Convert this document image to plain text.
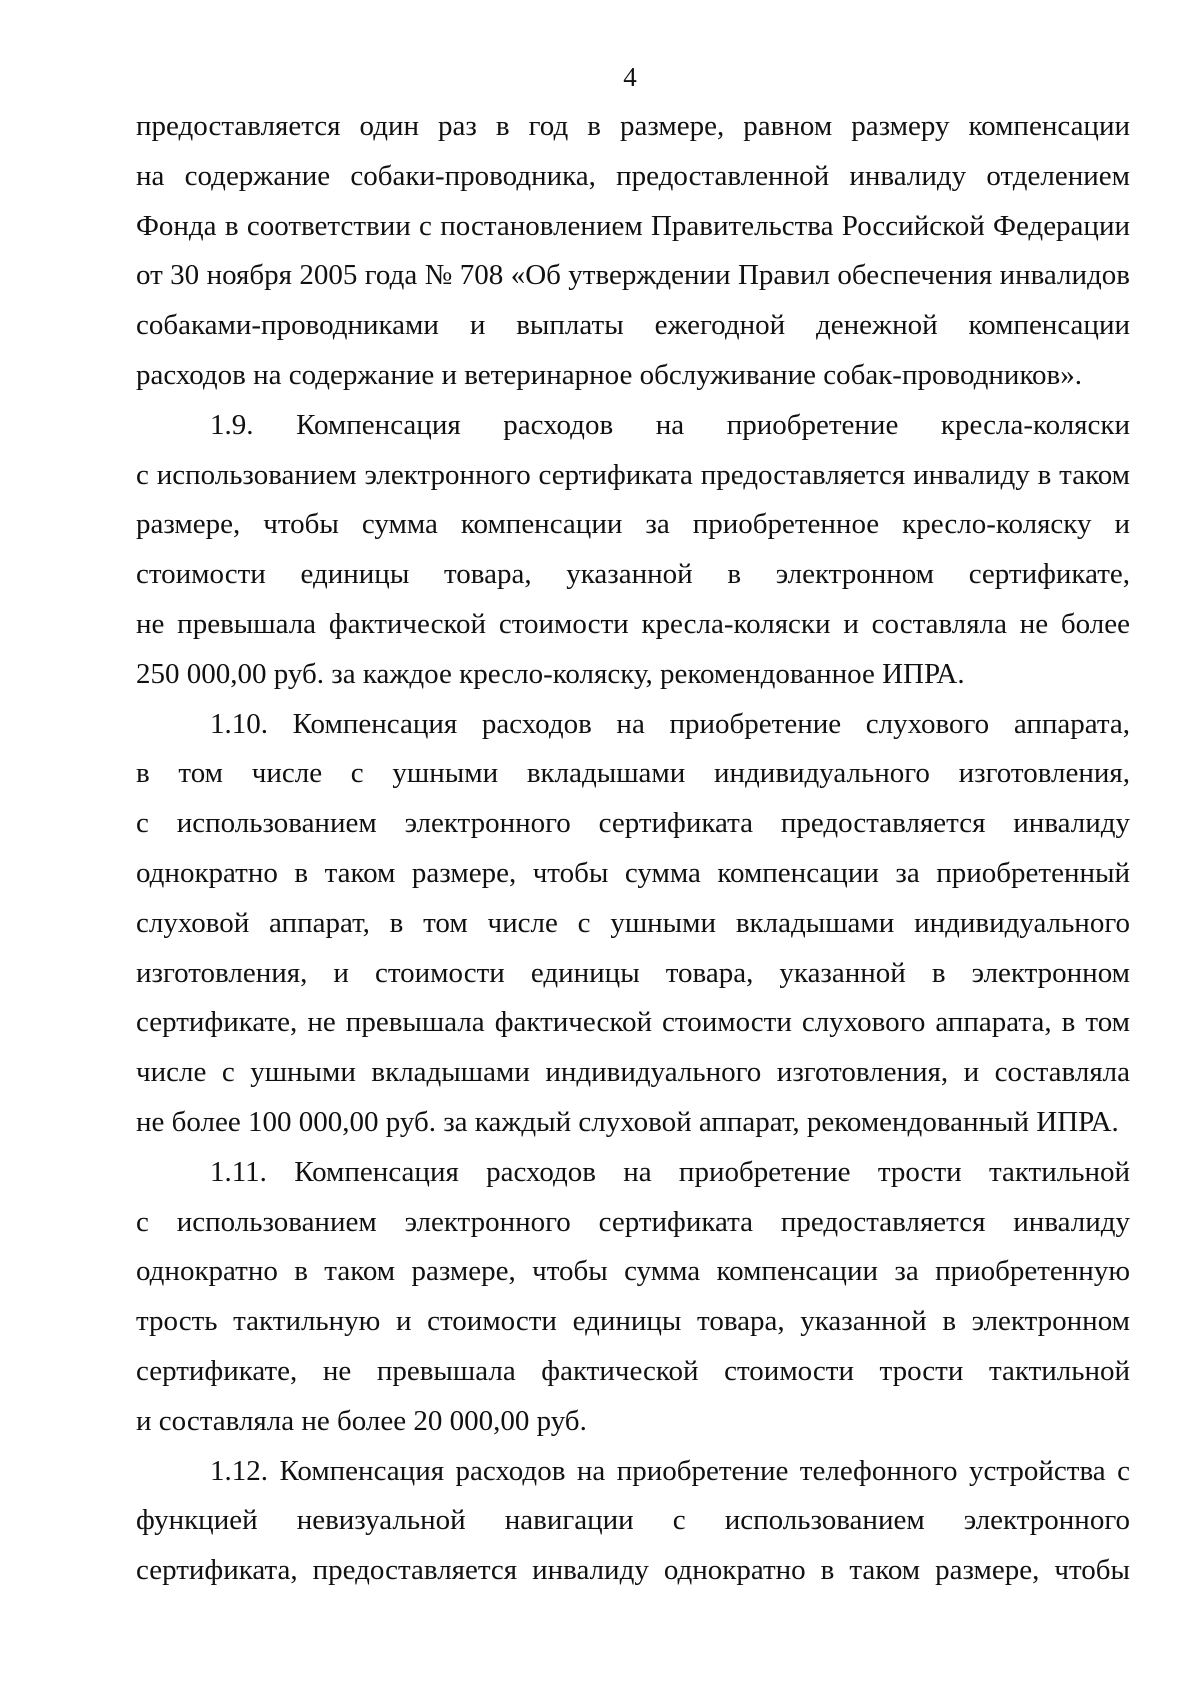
4
предоставляется один раз в год в размере, равном размеру компенсации
на содержание собаки-проводника, предоставленной инвалиду отделением
Фонда в соответствии с постановлением Правительства Российской Федерации
от 30 ноября 2005 года № 708 «Об утверждении Правил обеспечения инвалидов
собаками-проводниками и выплаты ежегодной денежной компенсации
расходов на содержание и ветеринарное обслуживание собак-проводников».
1.9. Компенсация расходов на приобретение кресла-коляски
с использованием электронного сертификата предоставляется инвалиду в таком
размере, чтобы сумма компенсации за приобретенное кресло-коляску и
стоимости единицы товара, указанной в электронном сертификате,
не превышала фактической стоимости кресла-коляски и составляла не более
250 000,00 руб. за каждое кресло-коляску, рекомендованное ИПРА.
1.10. Компенсация расходов на приобретение слухового аппарата,
в том числе с ушными вкладышами индивидуального изготовления,
с использованием электронного сертификата предоставляется инвалиду
однократно в таком размере, чтобы сумма компенсации за приобретенный
слуховой аппарат, в том числе с ушными вкладышами индивидуального
изготовления, и стоимости единицы товара, указанной в электронном
сертификате, не превышала фактической стоимости слухового аппарата, в том
числе с ушными вкладышами индивидуального изготовления, и составляла
не более 100 000,00 руб. за каждый слуховой аппарат, рекомендованный ИПРА.
1.11. Компенсация расходов на приобретение трости тактильной
с использованием электронного сертификата предоставляется инвалиду
однократно в таком размере, чтобы сумма компенсации за приобретенную
трость тактильную и стоимости единицы товара, указанной в электронном
сертификате, не превышала фактической стоимости трости тактильной
и составляла не более 20 000,00 руб.
1.12. Компенсация расходов на приобретение телефонного устройства с
функцией невизуальной навигации с использованием электронного
сертификата, предоставляется инвалиду однократно в таком размере, чтобы
